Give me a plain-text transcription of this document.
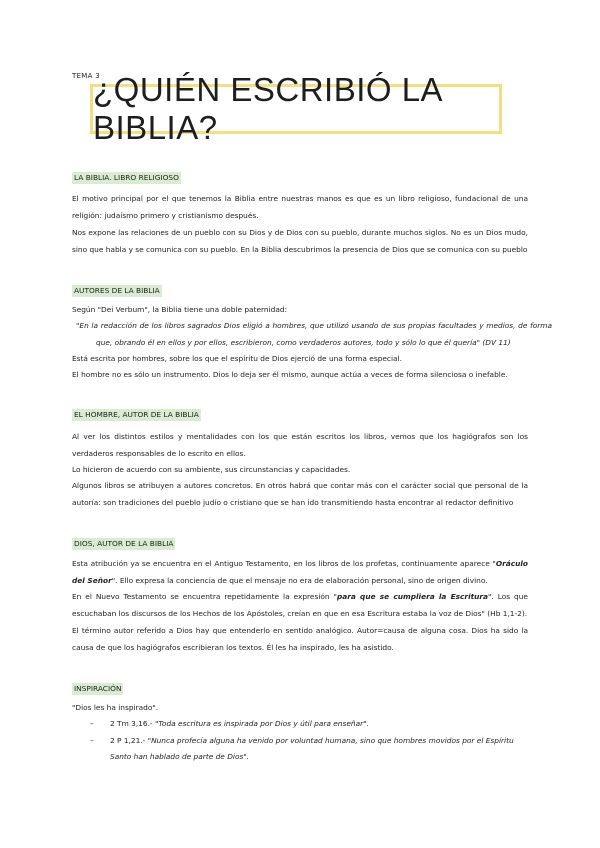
TEMA 3
¿QUIÉN ESCRIBIÓ LA BIBLIA?
LA BIBLIA. LIBRO RELIGIOSO

El motivo principal por el que tenemos la Biblia entre nuestras manos es que es un libro religioso, fundacional de una religión: judaísmo primero y cristianismo después.

Nos expone las relaciones de un pueblo con su Dios y de Dios con su pueblo, durante muchos siglos. No es un Dios mudo, sino que habla y se comunica con su pueblo. En la Biblia descubrimos la presencia de Dios que se comunica con su pueblo

AUTORES DE LA BIBLIA

Según "Dei Verbum", la Biblia tiene una doble paternidad:

"En la redacción de los libros sagrados Dios eligió a hombres, que utilizó usando de sus propias facultades y medios, de forma que, obrando él en ellos y por ellos, escribieron, como verdaderos autores, todo y sólo lo que él quería" (DV 11)

Está escrita por hombres, sobre los que el espíritu de Dios ejerció de una forma especial.

El hombre no es sólo un instrumento. Dios lo deja ser él mismo, aunque actúa a veces de forma silenciosa o inefable.

EL HOMBRE, AUTOR DE LA BIBLIA

Al ver los distintos estilos y mentalidades con los que están escritos los libros, vemos que los hagiógrafos son los verdaderos responsables de lo escrito en ellos.

Lo hicieron de acuerdo con su ambiente, sus circunstancias y capacidades.

Algunos libros se atribuyen a autores concretos. En otros habrá que contar más con el carácter social que personal de la autoría: son tradiciones del pueblo judío o cristiano que se han ido transmitiendo hasta encontrar al redactor definitivo

DIOS, AUTOR DE LA BIBLIA

Esta atribución ya se encuentra en el Antiguo Testamento, en los libros de los profetas, continuamente aparece "Oráculo del Señor". Ello expresa la conciencia de que el mensaje no era de elaboración personal, sino de origen divino.

En el Nuevo Testamento se encuentra repetidamente la expresión "para que se cumpliera la Escritura". Los que escuchaban los discursos de los Hechos de los Apóstoles, creían en que en esa Escritura estaba la voz de Dios" (Hb 1,1-2).

El término autor referido a Dios hay que entenderlo en sentido analógico. Autor=causa de alguna cosa. Dios ha sido la causa de que los hagiógrafos escribieran los textos. Él les ha inspirado, les ha asistido.

INSPIRACIÓN

"Dios les ha inspirado".

– 2 Tm 3,16.- "Toda escritura es inspirada por Dios y útil para enseñar".
– 2 P 1,21.- "Nunca profecía alguna ha venido por voluntad humana, sino que hombres movidos por el Espíritu Santo han hablado de parte de Dios".
